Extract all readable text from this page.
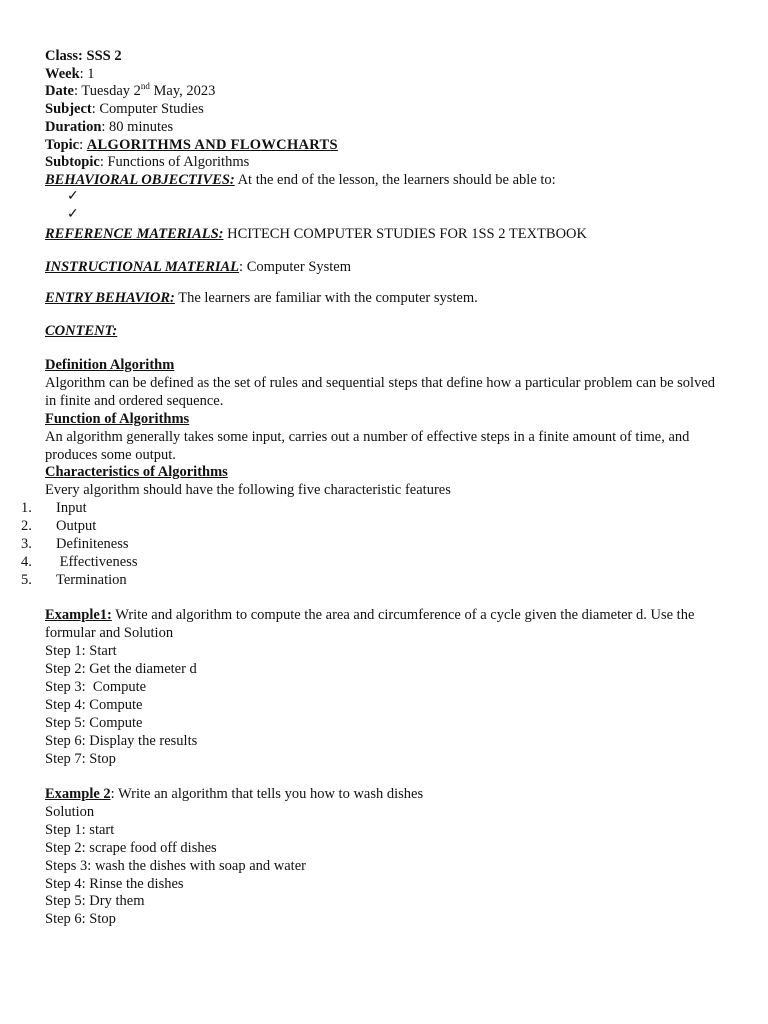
Class: SSS 2
Week: 1
Date: Tuesday 2nd May, 2023
Subject: Computer Studies
Duration: 80 minutes
Topic: ALGORITHMS AND FLOWCHARTS
Subtopic: Functions of Algorithms
BEHAVIORAL OBJECTIVES: At the end of the lesson, the learners should be able to:
✓
✓
REFERENCE MATERIALS: HCITECH COMPUTER STUDIES FOR 1SS 2 TEXTBOOK
INSTRUCTIONAL MATERIAL: Computer System
ENTRY BEHAVIOR: The learners are familiar with the computer system.
CONTENT:
Definition Algorithm
Algorithm can be defined as the set of rules and sequential steps that define how a particular problem can be solved in finite and ordered sequence.
Function of Algorithms
An algorithm generally takes some input, carries out a number of effective steps in a finite amount of time, and produces some output.
Characteristics of Algorithms
Every algorithm should have the following five characteristic features
1.	Input
2.	Output
3.	Definiteness
4.	Effectiveness
5.	Termination
Example1: Write and algorithm to compute the area and circumference of a cycle given the diameter d. Use the formular and Solution
Step 1: Start
Step 2: Get the diameter d
Step 3:  Compute
Step 4: Compute
Step 5: Compute
Step 6: Display the results
Step 7: Stop
Example 2: Write an algorithm that tells you how to wash dishes
Solution
Step 1: start
Step 2: scrape food off dishes
Steps 3: wash the dishes with soap and water
Step 4: Rinse the dishes
Step 5: Dry them
Step 6: Stop
